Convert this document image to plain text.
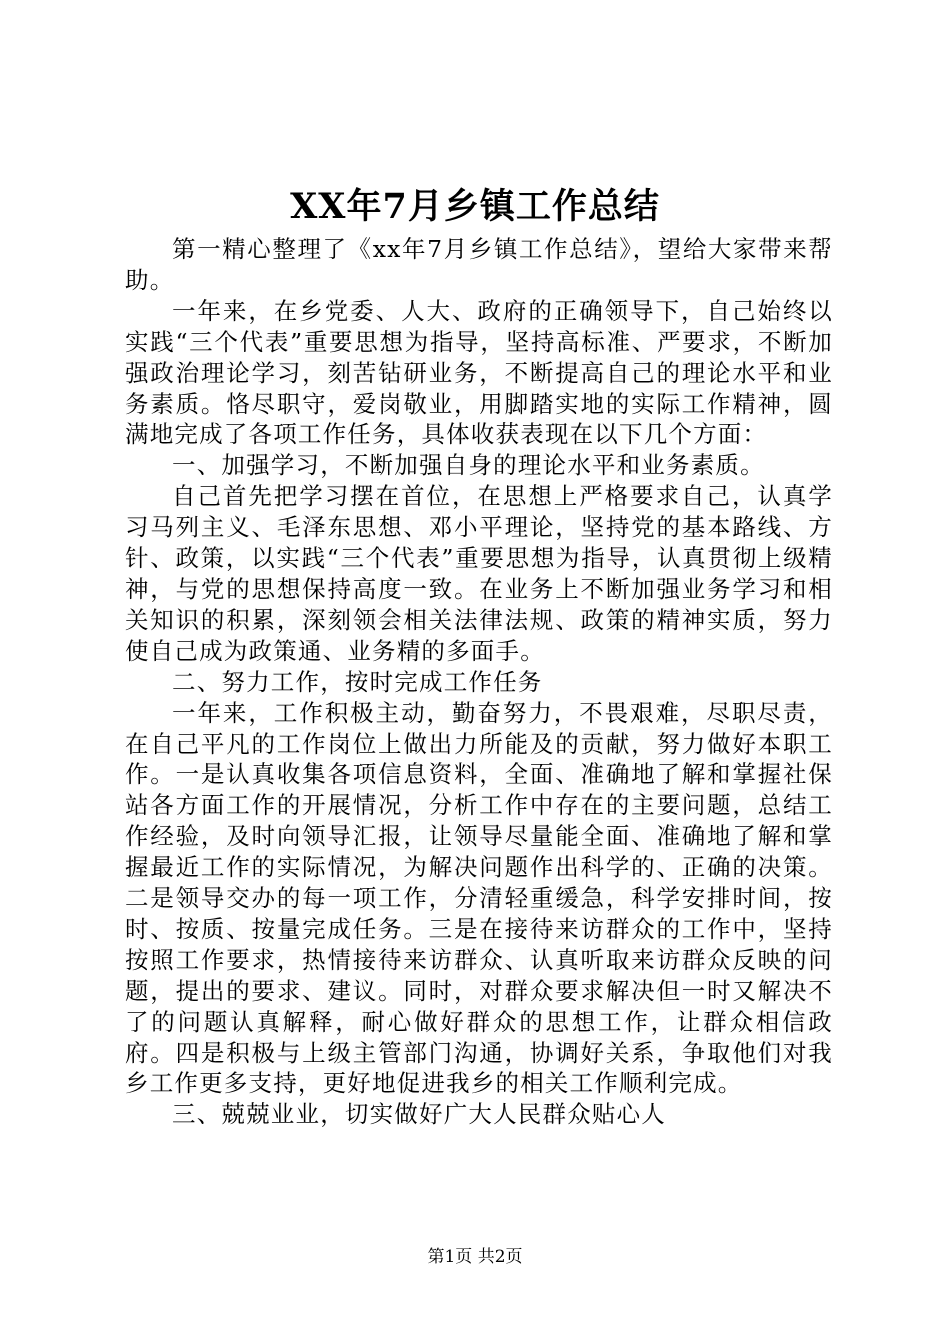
XX年7月乡镇工作总结

第一精心整理了《xx年7月乡镇工作总结》，望给大家带来帮助。

一年来，在乡党委、人大、政府的正确领导下，自己始终以实践“三个代表”重要思想为指导，坚持高标准、严要求，不断加强政治理论学习，刻苦钻研业务，不断提高自己的理论水平和业务素质。恪尽职守，爱岗敬业，用脚踏实地的实际工作精神，圆满地完成了各项工作任务，具体收获表现在以下几个方面：

一、加强学习，不断加强自身的理论水平和业务素质。

自己首先把学习摆在首位，在思想上严格要求自己，认真学习马列主义、毛泽东思想、邓小平理论，坚持党的基本路线、方针、政策，以实践“三个代表”重要思想为指导，认真贯彻上级精神，与党的思想保持高度一致。在业务上不断加强业务学习和相关知识的积累，深刻领会相关法律法规、政策的精神实质，努力使自己成为政策通、业务精的多面手。

二、努力工作，按时完成工作任务

一年来，工作积极主动，勤奋努力，不畏艰难，尽职尽责，在自己平凡的工作岗位上做出力所能及的贡献，努力做好本职工作。一是认真收集各项信息资料，全面、准确地了解和掌握社保站各方面工作的开展情况，分析工作中存在的主要问题，总结工作经验，及时向领导汇报，让领导尽量能全面、准确地了解和掌握最近工作的实际情况，为解决问题作出科学的、正确的决策。二是领导交办的每一项工作，分清轻重缓急，科学安排时间，按时、按质、按量完成任务。三是在接待来访群众的工作中，坚持按照工作要求，热情接待来访群众、认真听取来访群众反映的问题，提出的要求、建议。同时，对群众要求解决但一时又解决不了的问题认真解释，耐心做好群众的思想工作，让群众相信政府。四是积极与上级主管部门沟通，协调好关系，争取他们对我乡工作更多支持，更好地促进我乡的相关工作顺利完成。

三、兢兢业业，切实做好广大人民群众贴心人

第1页 共2页
